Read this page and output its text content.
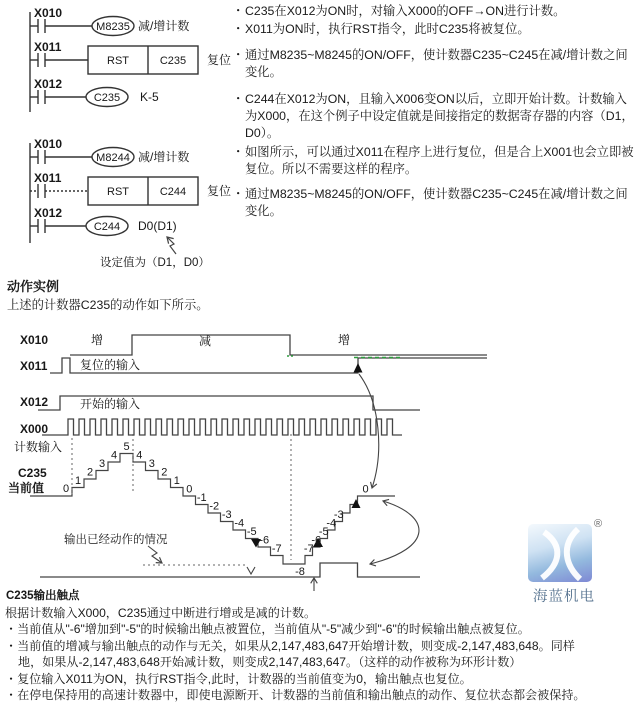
X010
M8235 减/增计数
X011
RST	C235 复位
X012
C235 K-5
X010
M8244 减/增计数
X011
RST	C244 复位
X012
C244 D0(D1)
设定值为（D1，D0）
・ C235在X012为ON时，对输入X000的OFF→ON进行计数。
・ X011为ON时，执行RST指令，此时C235将被复位。
・ 通过M8235~M8245的ON/OFF，使计数器C235~C245在减/增计数之间变化。
・ C244在X012为ON，且输入X006变ON以后，立即开始计数。计数输入为X000，在这个例子中设定值就是间接指定的数据寄存器的内容（D1，D0）。
・ 如图所示，可以通过X011在程序上进行复位，但是合上X001也会立即被复位。所以不需要这样的程序。
・ 通过M8235~M8245的ON/OFF，使计数器C235~C245在减/增计数之间变化。
动作实例
上述的计数器C235的动作如下所示。
X010
X011
X012
X000
计数输入
C235
当前值
C235输出触点
增	减	增
复位的输入
开始的输入
输出已经动作的情况
0
1
2
3
4
5
4
3
2
1
0
-1
-2
-3
-4
-5
-6
-7
-8
-7
-6
-5
-4
-3
0
根据计数输入X000，C235通过中断进行增或是减的计数。
・当前值从"-6"增加到"-5"的时候输出触点被置位，当前值从"-5"减少到"-6"的时候输出触点被复位。
・当前值的增减与输出触点的动作与无关，如果从2,147,483,647开始增计数，则变成-2,147,483,648。同样
地，如果从-2,147,483,648开始减计数，则变成2,147,483,647。（这样的动作被称为环形计数）
・复位输入X011为ON，执行RST指令,此时，计数器的当前值变为0，输出触点也复位。
・在停电保持用的高速计数器中，即使电源断开、计数器的当前值和输出触点的动作、复位状态都会被保持。
®
海蓝机电
